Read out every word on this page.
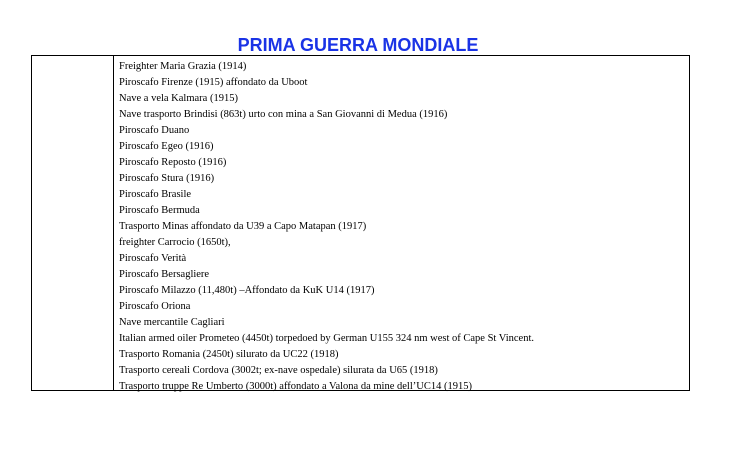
PRIMA GUERRA MONDIALE
Freighter Maria Grazia (1914)
Piroscafo Firenze (1915) affondato da Uboot
Nave a vela Kalmara (1915)
Nave trasporto Brindisi (863t) urto con mina a San Giovanni di Medua (1916)
Piroscafo Duano
Piroscafo Egeo (1916)
Piroscafo Reposto (1916)
Piroscafo Stura (1916)
Piroscafo Brasile
Piroscafo Bermuda
Trasporto Minas affondato da U39 a Capo Matapan (1917)
freighter Carrocio (1650t),
Piroscafo Verità
Piroscafo Bersagliere
Piroscafo Milazzo (11,480t) –Affondato da KuK U14 (1917)
Piroscafo Oriona
Nave mercantile Cagliari
Italian armed oiler Prometeo (4450t) torpedoed by German U155 324 nm west of Cape St Vincent.
Trasporto Romania (2450t) silurato da UC22 (1918)
Trasporto cereali Cordova (3002t; ex-nave ospedale) silurata da U65 (1918)
Trasporto truppe Re Umberto (3000t) affondato a Valona da mine dell’UC14 (1915)
